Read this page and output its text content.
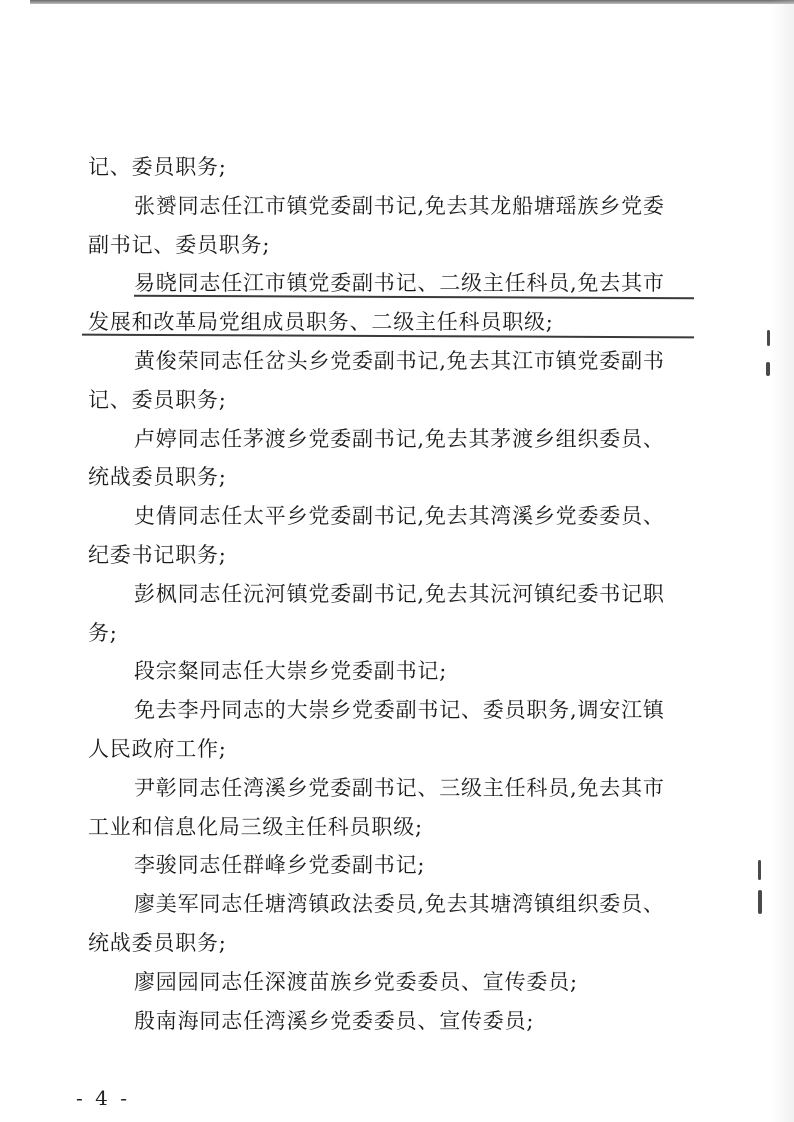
记、委员职务;
张赟同志任江市镇党委副书记,免去其龙船塘瑶族乡党委
副书记、委员职务;
易晓同志任江市镇党委副书记、二级主任科员,免去其市
发展和改革局党组成员职务、二级主任科员职级;
黄俊荣同志任岔头乡党委副书记,免去其江市镇党委副书
记、委员职务;
卢婷同志任茅渡乡党委副书记,免去其茅渡乡组织委员、
统战委员职务;
史倩同志任太平乡党委副书记,免去其湾溪乡党委委员、
纪委书记职务;
彭枫同志任沅河镇党委副书记,免去其沅河镇纪委书记职
务;
段宗粲同志任大崇乡党委副书记;
免去李丹同志的大崇乡党委副书记、委员职务,调安江镇
人民政府工作;
尹彰同志任湾溪乡党委副书记、三级主任科员,免去其市
工业和信息化局三级主任科员职级;
李骏同志任群峰乡党委副书记;
廖美军同志任塘湾镇政法委员,免去其塘湾镇组织委员、
统战委员职务;
廖园园同志任深渡苗族乡党委委员、宣传委员;
殷南海同志任湾溪乡党委委员、宣传委员;
- 4 -
